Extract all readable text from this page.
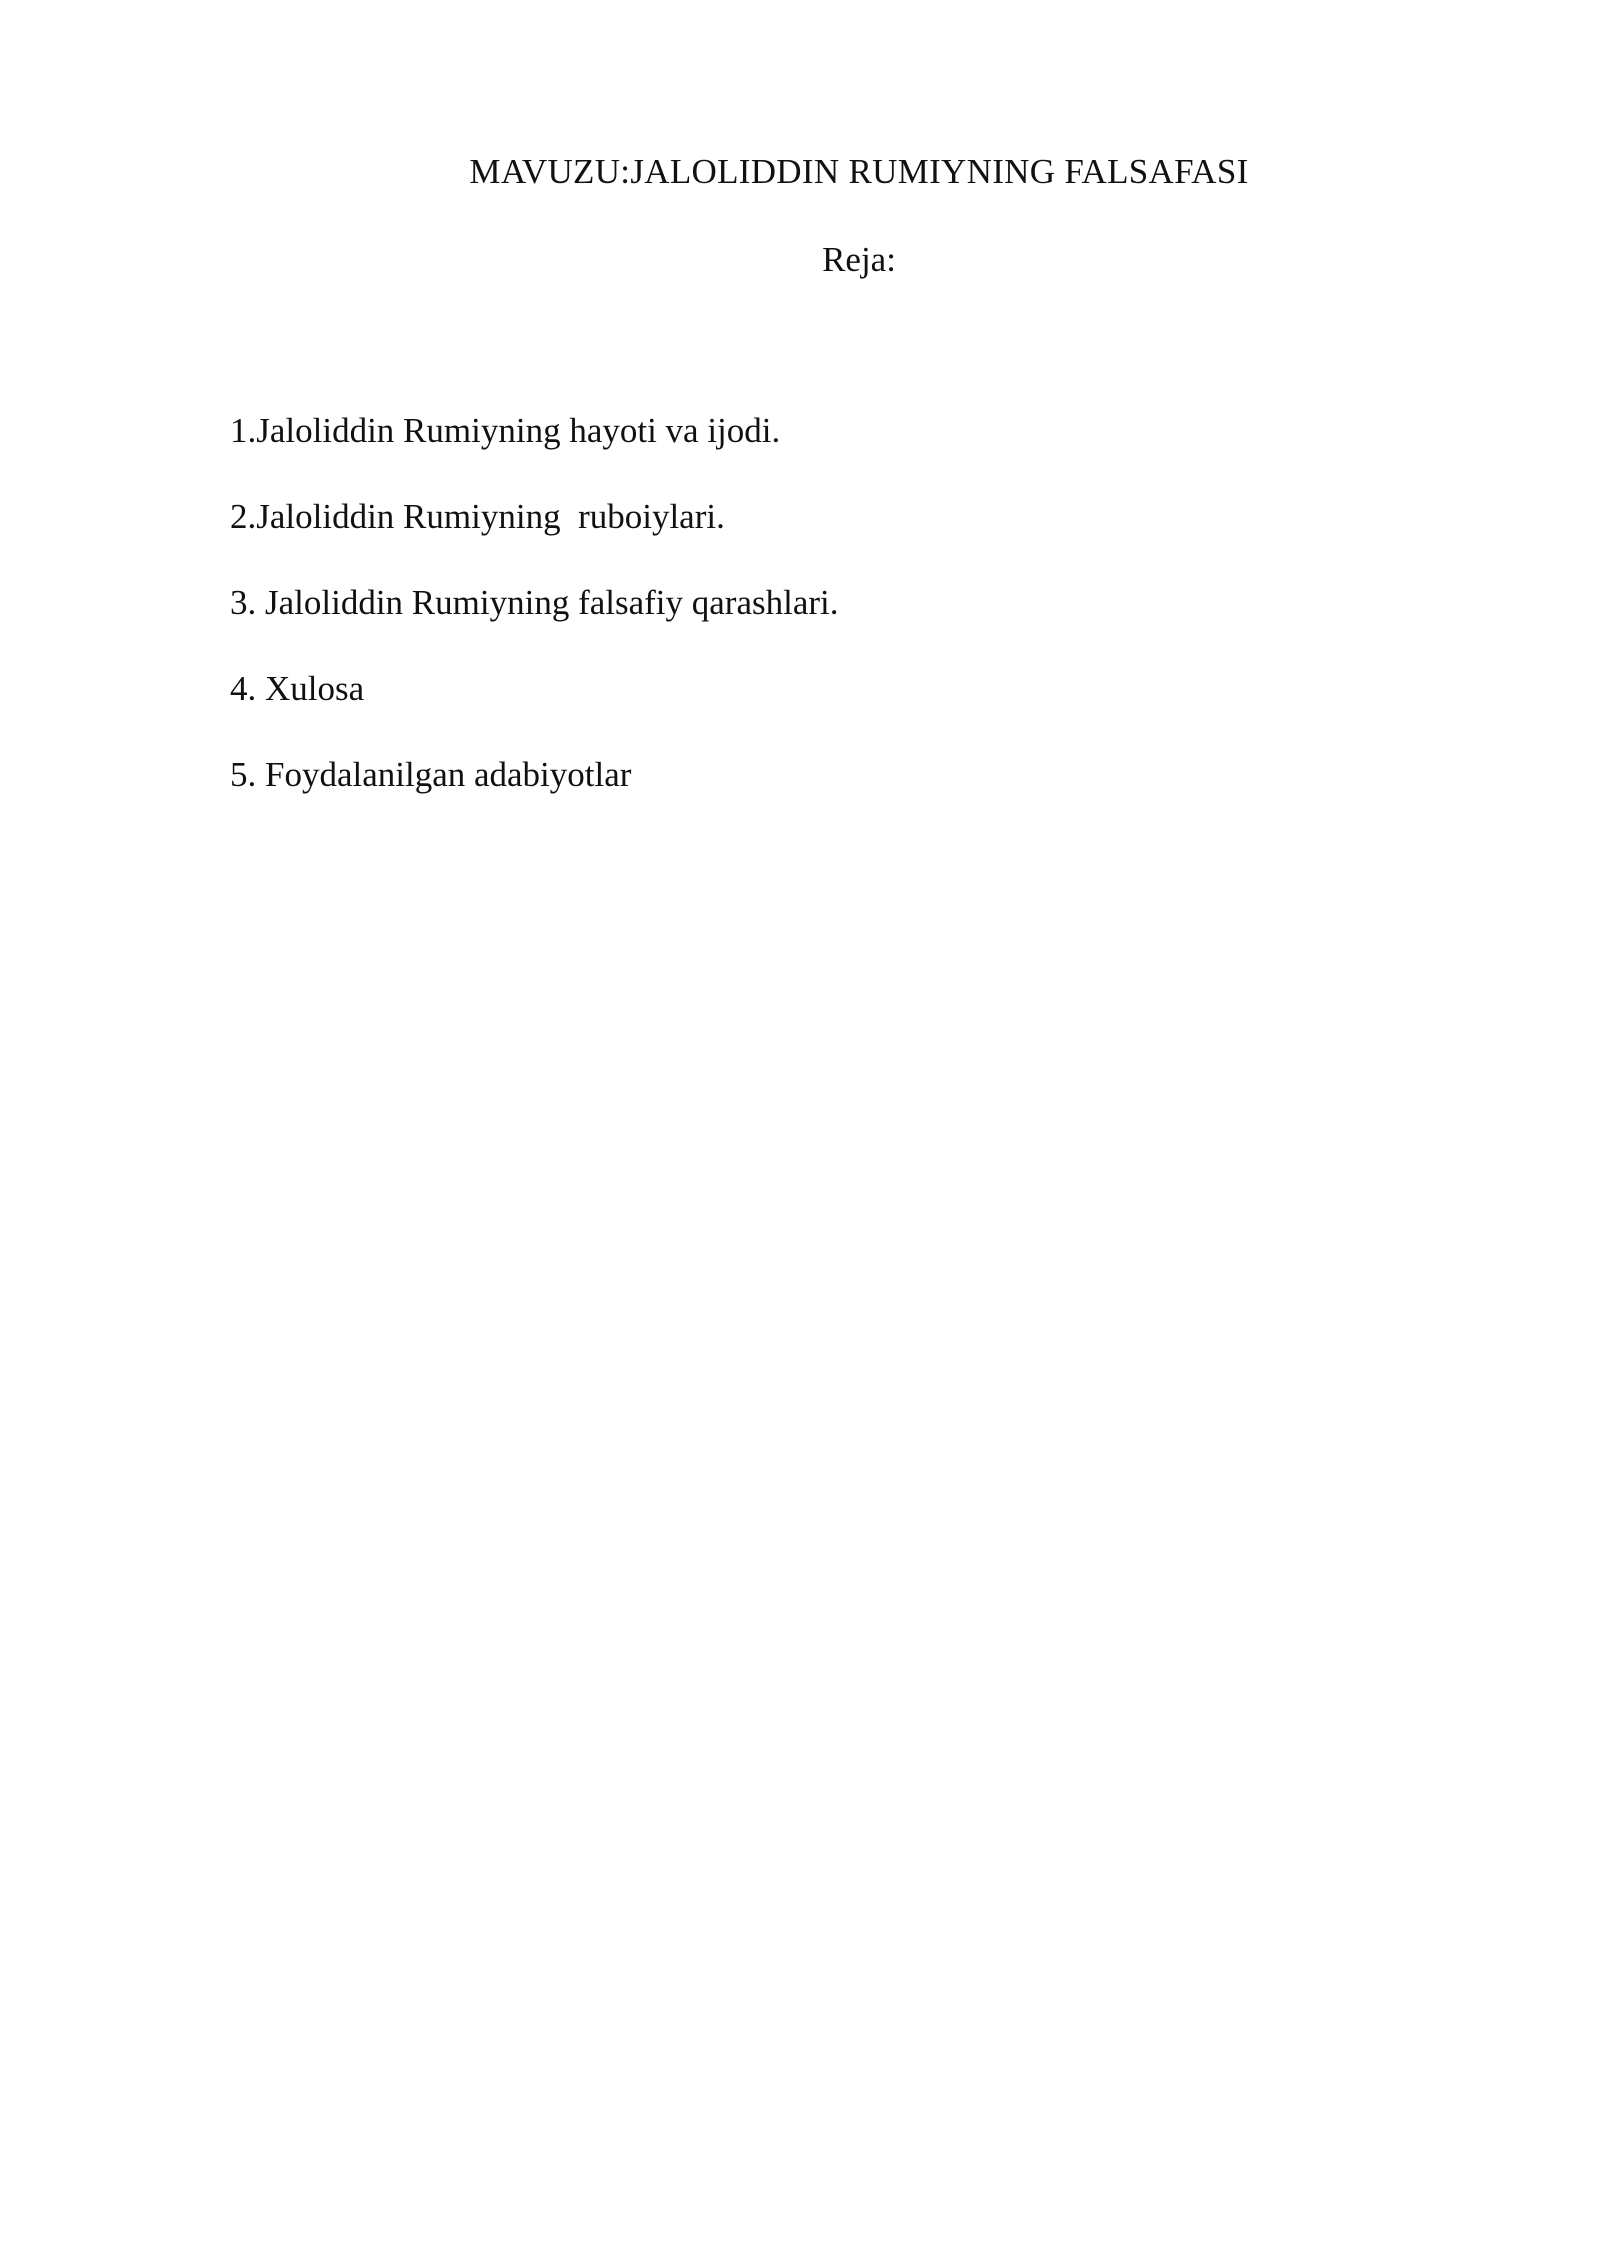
MAVUZU:JALOLIDDIN RUMIYNING FALSAFASI
Reja:
1.Jaloliddin Rumiyning hayoti va ijodi.
2.Jaloliddin Rumiyning  ruboiylari.
3. Jaloliddin Rumiyning falsafiy qarashlari.
4. Xulosa
5. Foydalanilgan adabiyotlar
